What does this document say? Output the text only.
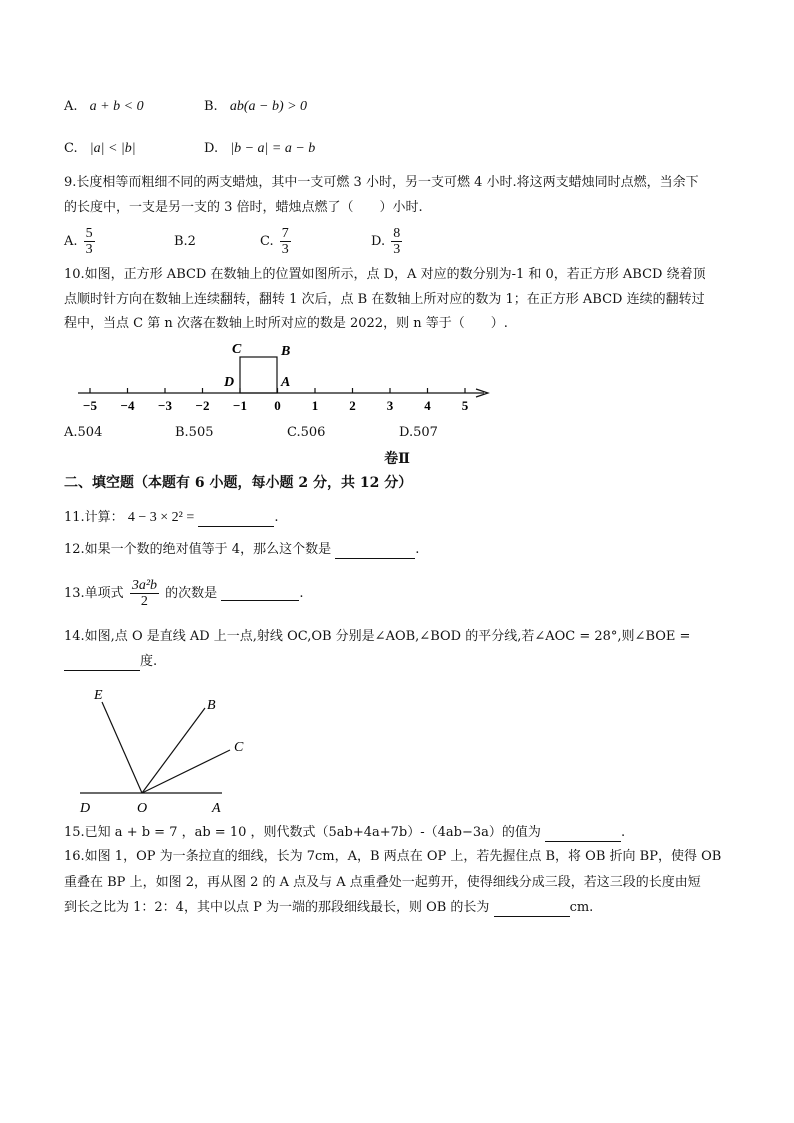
A. a + b < 0	B. ab(a − b) > 0
C. |a| < |b|	D. |b − a| = a − b
9.长度相等而粗细不同的两支蜡烛，其中一支可燃 3 小时，另一支可燃 4 小时.将这两支蜡烛同时点燃，当余下
的长度中，一支是另一支的 3 倍时，蜡烛点燃了（　　）小时.
A. $\frac{5}{3}$	B.2	C. $\frac{7}{3}$	D. $\frac{8}{3}$
10.如图，正方形 ABCD 在数轴上的位置如图所示，点 D，A 对应的数分别为-1 和 0，若正方形 ABCD 绕着顶
点顺时针方向在数轴上连续翻转，翻转 1 次后，点 B 在数轴上所对应的数为 1；在正方形 ABCD 连续的翻转过
程中，当点 C 第 n 次落在数轴上时所对应的数是 2022，则 n 等于（　　）.
C	B
D	A
−5 −4 −3 −2 −1 0 1 2 3 4 5
A.504	B.505	C.506	D.507
卷Ⅱ
二、填空题（本题有 6 小题，每小题 2 分，共 12 分）
11.计算： 4 − 3 × 2² =	.
12.如果一个数的绝对值等于 4，那么这个数是	.
13.单项式 $\frac{\text{3a²b}}{2}$ 的次数是	.
14.如图,点 O 是直线 AD 上一点,射线 OC,OB 分别是∠AOB,∠BOD 的平分线,若∠AOC = 28°,则∠BOE =
度.
E
B
C
D	O	A
15.已知 a + b = 7 ，ab = 10 ，则代数式（5ab+4a+7b）-（4ab−3a）的值为	.
16.如图 1，OP 为一条拉直的细线，长为 7cm，A，B 两点在 OP 上，若先握住点 B，将 OB 折向 BP，使得 OB
重叠在 BP 上，如图 2，再从图 2 的 A 点及与 A 点重叠处一起剪开，使得细线分成三段，若这三段的长度由短
到长之比为 1：2：4，其中以点 P 为一端的那段细线最长，则 OB 的长为	cm.
